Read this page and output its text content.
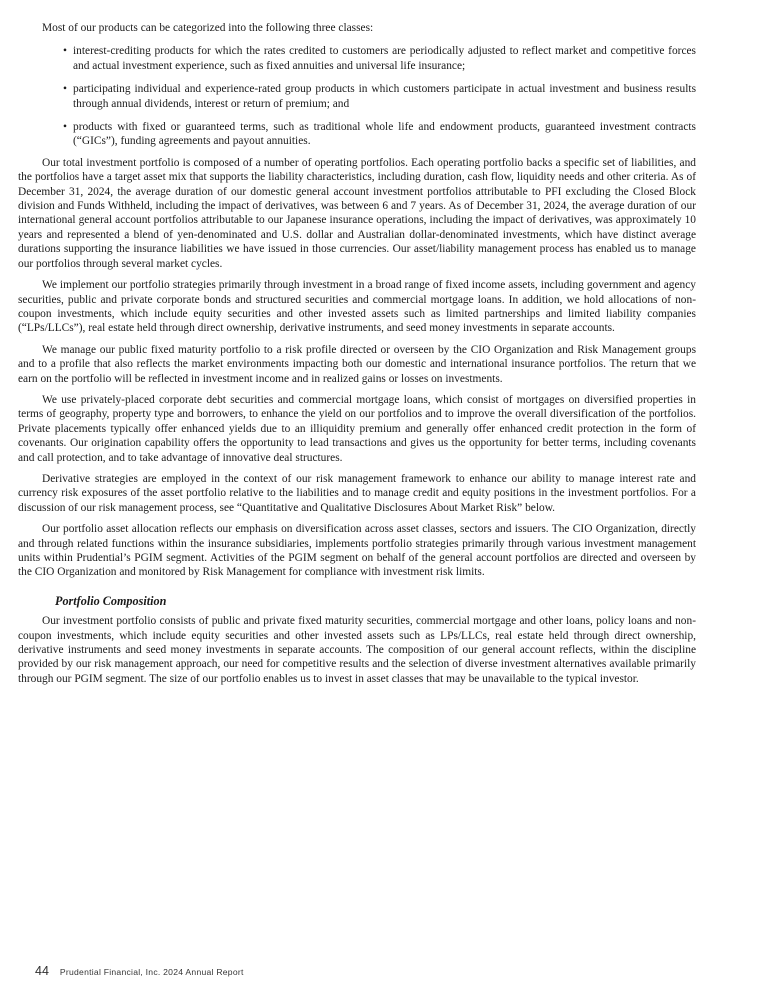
Most of our products can be categorized into the following three classes:

• interest-crediting products for which the rates credited to customers are periodically adjusted to reflect market and competitive forces and actual investment experience, such as fixed annuities and universal life insurance;
• participating individual and experience-rated group products in which customers participate in actual investment and business results through annual dividends, interest or return of premium; and
• products with fixed or guaranteed terms, such as traditional whole life and endowment products, guaranteed investment contracts (“GICs”), funding agreements and payout annuities.

Our total investment portfolio is composed of a number of operating portfolios. Each operating portfolio backs a specific set of liabilities, and the portfolios have a target asset mix that supports the liability characteristics, including duration, cash flow, liquidity needs and other criteria. As of December 31, 2024, the average duration of our domestic general account investment portfolios attributable to PFI excluding the Closed Block division and Funds Withheld, including the impact of derivatives, was between 6 and 7 years. As of December 31, 2024, the average duration of our international general account portfolios attributable to our Japanese insurance operations, including the impact of derivatives, was approximately 10 years and represented a blend of yen-denominated and U.S. dollar and Australian dollar-denominated investments, which have distinct average durations supporting the insurance liabilities we have issued in those currencies. Our asset/liability management process has enabled us to manage our portfolios through several market cycles.

We implement our portfolio strategies primarily through investment in a broad range of fixed income assets, including government and agency securities, public and private corporate bonds and structured securities and commercial mortgage loans. In addition, we hold allocations of non-coupon investments, which include equity securities and other invested assets such as limited partnerships and limited liability companies (“LPs/LLCs”), real estate held through direct ownership, derivative instruments, and seed money investments in separate accounts.

We manage our public fixed maturity portfolio to a risk profile directed or overseen by the CIO Organization and Risk Management groups and to a profile that also reflects the market environments impacting both our domestic and international insurance portfolios. The return that we earn on the portfolio will be reflected in investment income and in realized gains or losses on investments.

We use privately-placed corporate debt securities and commercial mortgage loans, which consist of mortgages on diversified properties in terms of geography, property type and borrowers, to enhance the yield on our portfolios and to improve the overall diversification of the portfolios. Private placements typically offer enhanced yields due to an illiquidity premium and generally offer enhanced credit protection in the form of covenants. Our origination capability offers the opportunity to lead transactions and gives us the opportunity for better terms, including covenants and call protection, and to take advantage of innovative deal structures.

Derivative strategies are employed in the context of our risk management framework to enhance our ability to manage interest rate and currency risk exposures of the asset portfolio relative to the liabilities and to manage credit and equity positions in the investment portfolios. For a discussion of our risk management process, see “Quantitative and Qualitative Disclosures About Market Risk” below.

Our portfolio asset allocation reflects our emphasis on diversification across asset classes, sectors and issuers. The CIO Organization, directly and through related functions within the insurance subsidiaries, implements portfolio strategies primarily through various investment management units within Prudential’s PGIM segment. Activities of the PGIM segment on behalf of the general account portfolios are directed and overseen by the CIO Organization and monitored by Risk Management for compliance with investment risk limits.

Portfolio Composition

Our investment portfolio consists of public and private fixed maturity securities, commercial mortgage and other loans, policy loans and non-coupon investments, which include equity securities and other invested assets such as LPs/LLCs, real estate held through direct ownership, derivative instruments and seed money investments in separate accounts. The composition of our general account reflects, within the discipline provided by our risk management approach, our need for competitive results and the selection of diverse investment alternatives available primarily through our PGIM segment. The size of our portfolio enables us to invest in asset classes that may be unavailable to the typical investor.

44 Prudential Financial, Inc. 2024 Annual Report
